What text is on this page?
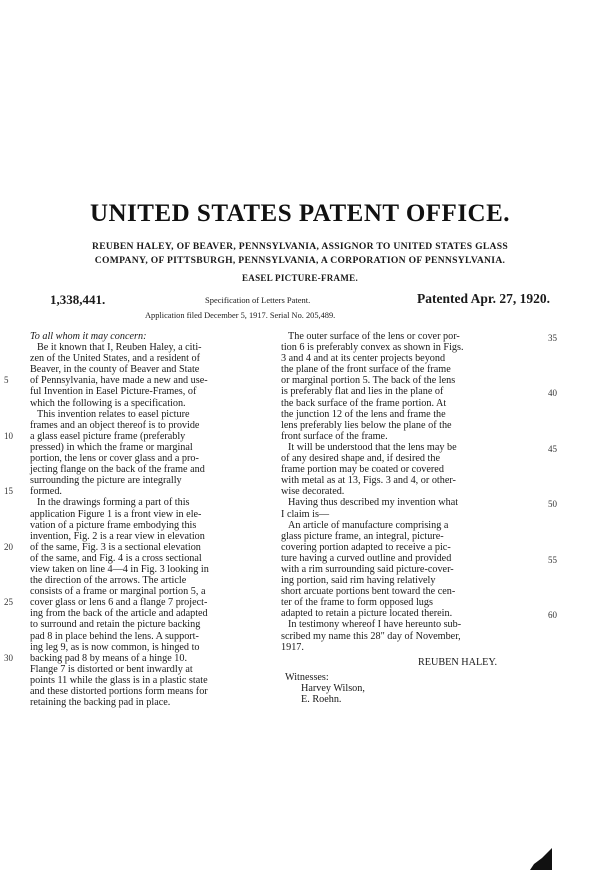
UNITED STATES PATENT OFFICE.
REUBEN HALEY, OF BEAVER, PENNSYLVANIA, ASSIGNOR TO UNITED STATES GLASS
COMPANY, OF PITTSBURGH, PENNSYLVANIA, A CORPORATION OF PENNSYLVANIA.
EASEL PICTURE-FRAME.
1,338,441.	Specification of Letters Patent.	Patented Apr. 27, 1920.
Application filed December 5, 1917. Serial No. 205,489.
To all whom it may concern:
Be it known that I, Reuben Haley, a citi-
zen of the United States, and a resident of
Beaver, in the county of Beaver and State
of Pennsylvania, have made a new and use-
ful Invention in Easel Picture-Frames, of
which the following is a specification.
This invention relates to easel picture
frames and an object thereof is to provide
a glass easel picture frame (preferably
pressed) in which the frame or marginal
portion, the lens or cover glass and a pro-
jecting flange on the back of the frame and
surrounding the picture are integrally
formed.
In the drawings forming a part of this
application Figure 1 is a front view in ele-
vation of a picture frame embodying this
invention, Fig. 2 is a rear view in elevation
of the same, Fig. 3 is a sectional elevation
of the same, and Fig. 4 is a cross sectional
view taken on line 4—4 in Fig. 3 looking in
the direction of the arrows. The article
consists of a frame or marginal portion 5, a
cover glass or lens 6 and a flange 7 project-
ing from the back of the article and adapted
to surround and retain the picture backing
pad 8 in place behind the lens. A support-
ing leg 9, as is now common, is hinged to
backing pad 8 by means of a hinge 10.
Flange 7 is distorted or bent inwardly at
points 11 while the glass is in a plastic state
and these distorted portions form means for
retaining the backing pad in place.
The outer surface of the lens or cover por-
tion 6 is preferably convex as shown in Figs.
3 and 4 and at its center projects beyond
the plane of the front surface of the frame
or marginal portion 5. The back of the lens
is preferably flat and lies in the plane of
the back surface of the frame portion. At
the junction 12 of the lens and frame the
lens preferably lies below the plane of the
front surface of the frame.
It will be understood that the lens may be
of any desired shape and, if desired the
frame portion may be coated or covered
with metal as at 13, Figs. 3 and 4, or other-
wise decorated.
Having thus described my invention what
I claim is—
An article of manufacture comprising a
glass picture frame, an integral, picture-
covering portion adapted to receive a pic-
ture having a curved outline and provided
with a rim surrounding said picture-cover-
ing portion, said rim having relatively
short arcuate portions bent toward the cen-
ter of the frame to form opposed lugs
adapted to retain a picture located therein.
In testimony whereof I have hereunto sub-
scribed my name this 28" day of November,
1917.
REUBEN HALEY.
Witnesses:
Harvey Wilson,
E. Roehn.
5
10
15
20
25
30
35
40
45
50
55
60
